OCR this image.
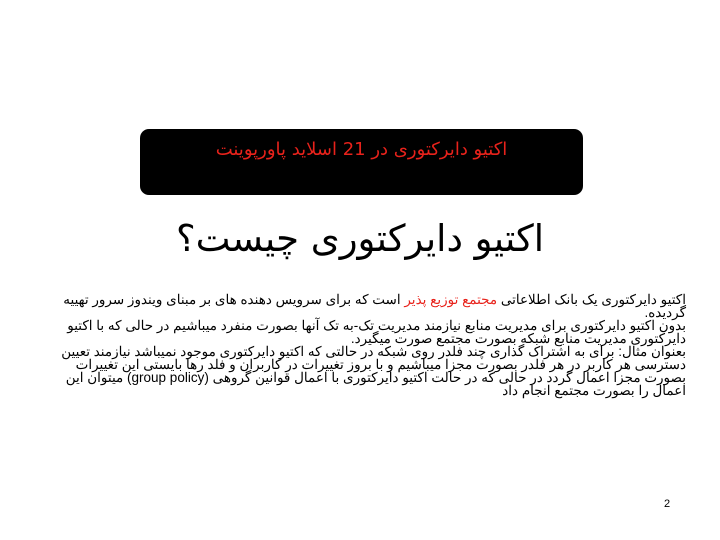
اکتیو دایرکتوری در 21 اسلاید پاورپوینت
اکتیو دایرکتوری چیست؟

اکتیو دایرکتوری یک بانک اطلاعاتی مجتمع توزیع پذیر است که برای سرویس دهنده های بر مبنای ویندوز سرور تهییه گردیده.

بدون اکتیو دایرکتوری برای مدیریت منابع نیازمند مدیریت تک-به تک آنها بصورت منفرد میباشیم در حالی که با اکتیو دایرکتوری مدیریت منابع شبکه بصورت مجتمع صورت میگیرد.

بعنوان مثال: برای به اشتراک گذاری چند فلدر روی شبکه در حالتی که اکتیو دایرکتوری موجود نمیباشد نیازمند تعیین دسترسی هر کاربر در هر فلدر بصورت مجزا میباشیم و با بروز تغییرات در کاربران و فلد رها بایستی این تغییرات بصورت مجزا اعمال گردد در حالی که در حالت اکتیو دایرکتوری با اعمال قوانین گروهی (group policy) میتوان این اعمال را بصورت مجتمع انجام داد

2
